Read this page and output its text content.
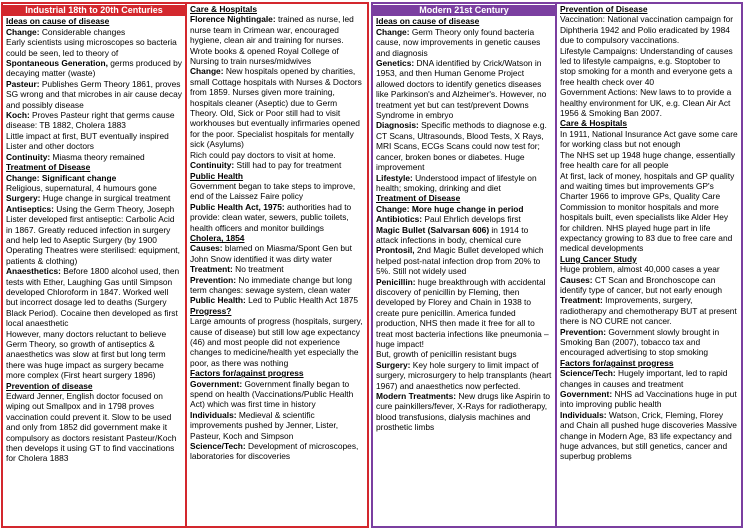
Industrial 18th to 20th Centuries

Ideas on cause of disease

Change: Considerable changes

Early scientists using microscopes so bacteria could be seen, led to theory of

Spontaneous Generation, germs produced by decaying matter (waste)

Pasteur: Publishes Germ Theory 1861, proves SG wrong and that microbes in air cause decay and possibly disease

Koch: Proves Pasteur right that germs cause disease: TB 1882, Cholera 1883

Little impact at first, BUT eventually inspired Lister and other doctors

Continuity: Miasma theory remained

Treatment of Disease

Change: Significant change

Religious, supernatural, 4 humours gone

Surgery: Huge change in surgical treatment

Antiseptics: Using the Germ Theory, Joseph Lister developed first antiseptic: Carbolic Acid in 1867. Greatly reduced infection in surgery and help led to Aseptic Surgery (by 1900 Operating Theatres were sterilised: equipment, patients & clothing)

Anaesthetics: Before 1800 alcohol used, then tests with Ether, Laughing Gas until Simpson developed Chloroform in 1847. Worked well but incorrect dosage led to deaths (Surgery Black Period). Cocaine then developed as first local anaesthetic

However, many doctors reluctant to believe Germ Theory, so growth of antiseptics & anaesthetics was slow at first but long term there was huge impact as surgery became more complex (First heart surgery 1896)

Prevention of disease

Edward Jenner, English doctor focused on wiping out Smallpox and in 1798 proves vaccination could prevent it. Slow to be used and only from 1852 did government make it compulsory as doctors resistant Pasteur/Koch then develops it using GT to find vaccinations for Cholera 1883

Care & Hospitals

Florence Nightingale: trained as nurse, led nurse team in Crimean war, encouraged hygiene, clean air and training for nurses. Wrote books & opened Royal College of Nursing to train nurses/midwives

Change: New hospitals opened by charities, small Cottage hospitals with Nurses & Doctors from 1859. Nurses given more training, hospitals cleaner (Aseptic) due to Germ Theory. Old, Sick or Poor still had to visit workhouses but eventually infirmaries opened for the poor. Specialist hospitals for mentally sick (Asylums)

Rich could pay doctors to visit at home.

Continuity: Still had to pay for treatment

Public Health

Government began to take steps to improve, end of the Laissez Faire policy

Public Health Act, 1975: authorities had to provide: clean water, sewers, public toilets, health officers and monitor buildings

Cholera, 1854

Causes: blamed on Miasma/Spont Gen but John Snow identified it was dirty water

Treatment: No treatment

Prevention: No immediate change but long term changes: sewage system, clean water

Public Health: Led to Public Health Act 1875

Progress?

Large amounts of progress (hospitals, surgery, cause of disease) but still low age expectancy (46) and most people did not experience changes to medicine/health yet especially the poor, as there was nothing

Factors for/against progress

Government: Government finally began to spend on health (Vaccinations/Public Health Act) which was first time in history

Individuals: Medieval & scientific improvements pushed by Jenner, Lister, Pasteur, Koch and Simpson

Science/Tech: Development of microscopes, laboratories for discoveries

Modern 21st Century

Ideas on cause of disease

Change: Germ Theory only found bacteria cause, now improvements in genetic causes and diagnosis

Genetics: DNA identified by Crick/Watson in 1953, and then Human Genome Project allowed doctors to identify genetics diseases like Parkinson's and Alzheimer's. However, no treatment yet but can test/prevent Downs Syndrome in embryo

Diagnosis: Specific methods to diagnose e.g. CT Scans, Ultrasounds, Blood Tests, X Rays, MRI Scans, ECGs Scans could now test for; cancer, broken bones or diabetes. Huge improvement

Lifestyle: Understood impact of lifestyle on health; smoking, drinking and diet

Treatment of Disease

Change: More huge change in period

Antibiotics: Paul Ehrlich develops first

Magic Bullet (Salvarsan 606) in 1914 to attack infections in body, chemical cure

Prontosil, 2nd Magic Bullet developed which helped post-natal infection drop from 20% to 5%. Still not widely used

Penicillin: huge breakthrough with accidental discovery of penicillin by Fleming, then developed by Florey and Chain in 1938 to create pure penicillin. America funded production, NHS then made it free for all to treat most bacteria infections like pneumonia – huge impact!

But, growth of penicillin resistant bugs

Surgery: Key hole surgery to limit impact of surgery, microsurgery to help transplants (heart 1967) and anaesthetics now perfected.

Modern Treatments: New drugs like Aspirin to cure painkillers/fever, X-Rays for radiotherapy, blood transfusions, dialysis machines and prosthetic limbs

Prevention of Disease

Vaccination: National vaccination campaign for Diphtheria 1942 and Polio eradicated by 1984 due to compulsory vaccinations.

Lifestyle Campaigns: Understanding of causes led to lifestyle campaigns, e.g. Stoptober to stop smoking for a month and everyone gets a free health check over 40

Government Actions: New laws to to provide a healthy environment for UK, e.g. Clean Air Act 1956 & Smoking Ban 2007.

Care & Hospitals

In 1911, National Insurance Act gave some care for working class but not enough

The NHS set up 1948 huge change, essentially free health care for all people

At first, lack of money, hospitals and GP quality and waiting times but improvements GP's Charter 1966 to improve GPs, Quality Care Commission to monitor hospitals and more hospitals built, even specialists like Alder Hey for children. NHS played huge part in life expectancy growing to 83 due to free care and medical developments

Lung Cancer Study

Huge problem, almost 40,000 cases a year

Causes: CT Scan and Bronchoscope can identify type of cancer, but not early enough

Treatment: Improvements, surgery, radiotherapy and chemotherapy BUT at present there is NO CURE not cancer.

Prevention: Government slowly brought in Smoking Ban (2007), tobacco tax and encouraged advertising to stop smoking

Factors for/against progress

Science/Tech: Hugely important, led to rapid changes in causes and treatment

Government: NHS ad Vaccinations huge in put into improving public health

Individuals: Watson, Crick, Fleming, Florey and Chain all pushed huge discoveries Massive change in Modern Age, 83 life expectancy and huge advances, but still genetics, cancer and superbug problems
